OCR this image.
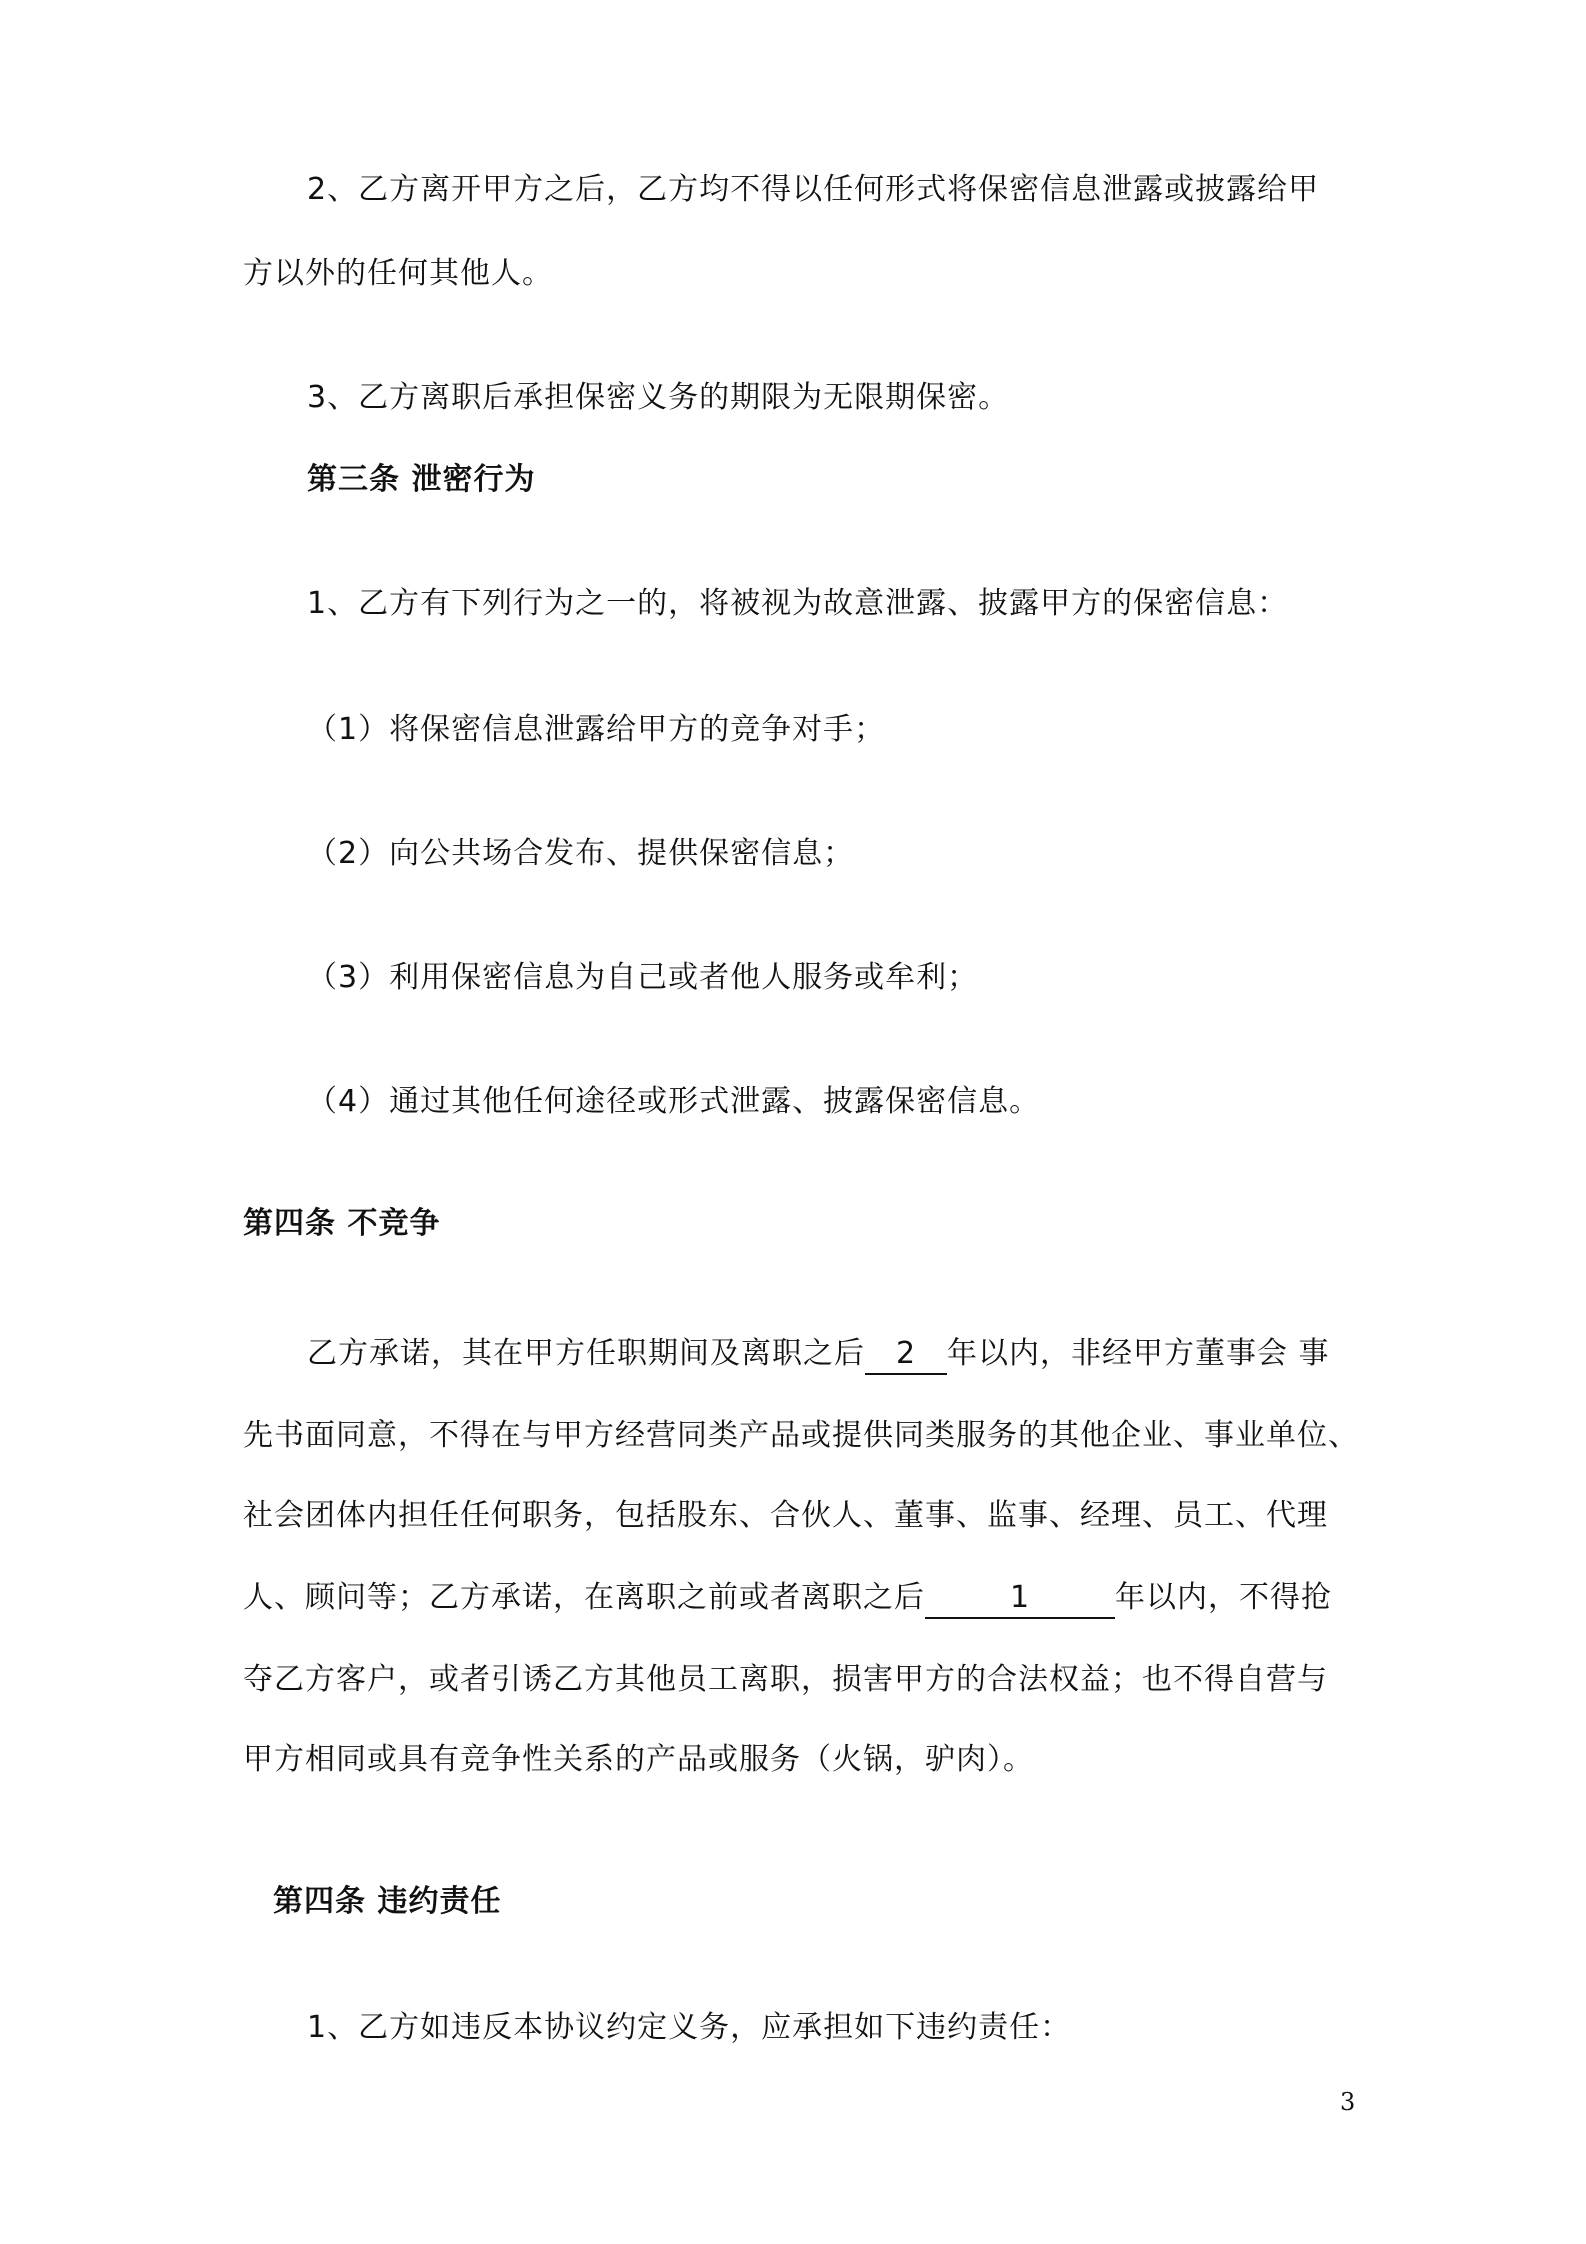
2、乙方离开甲方之后，乙方均不得以任何形式将保密信息泄露或披露给甲
方以外的任何其他人。
3、乙方离职后承担保密义务的期限为无限期保密。
第三条 泄密行为
1、乙方有下列行为之一的，将被视为故意泄露、披露甲方的保密信息：
（1）将保密信息泄露给甲方的竞争对手；
（2）向公共场合发布、提供保密信息；
（3）利用保密信息为自己或者他人服务或牟利；
（4）通过其他任何途径或形式泄露、披露保密信息。
第四条 不竞争
乙方承诺，其在甲方任职期间及离职之后 2 年以内，非经甲方董事会 事
先书面同意，不得在与甲方经营同类产品或提供同类服务的其他企业、事业单位、
社会团体内担任任何职务，包括股东、合伙人、董事、监事、经理、员工、代理
人、顾问等；乙方承诺，在离职之前或者离职之后	1	年以内，不得抢
夺乙方客户，或者引诱乙方其他员工离职，损害甲方的合法权益；也不得自营与
甲方相同或具有竞争性关系的产品或服务（火锅，驴肉）。
第四条 违约责任
1、乙方如违反本协议约定义务，应承担如下违约责任：
3
